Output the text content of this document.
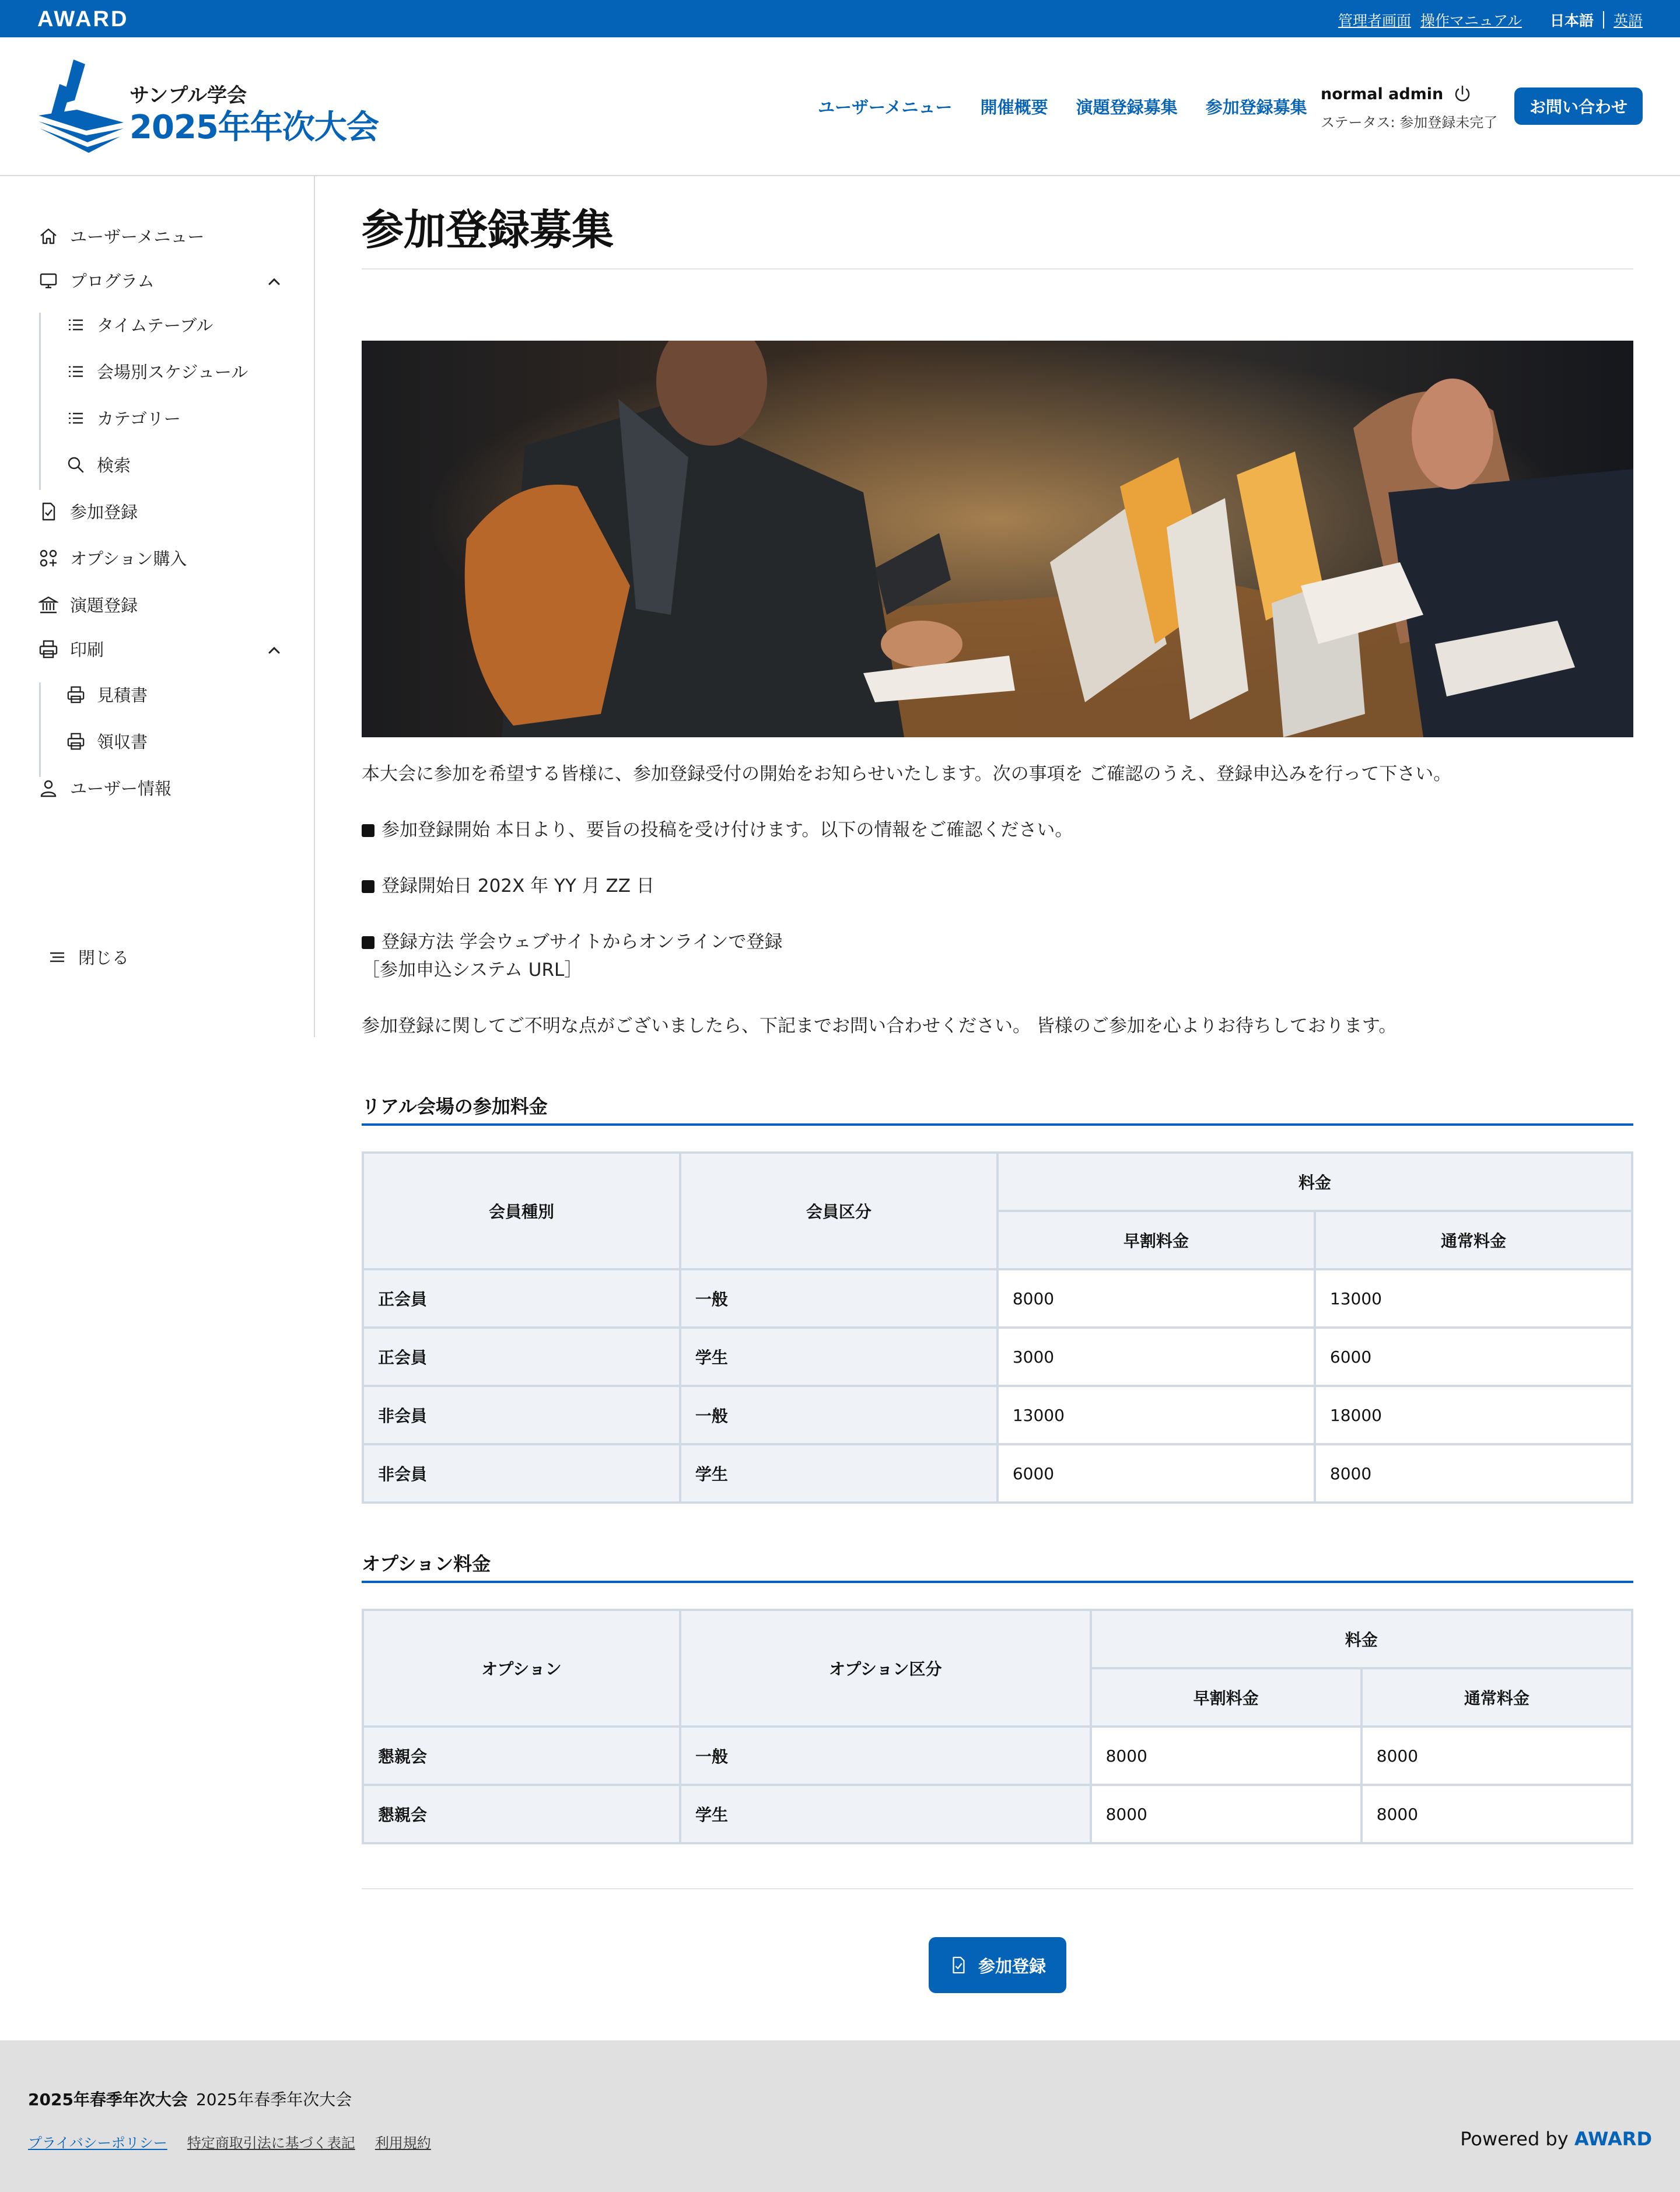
AWARD	管理者画面 操作マニュアル 日本語 英語
サンプル学会
2025年年次大会
ユーザーメニュー 開催概要 演題登録募集 参加登録募集
normal admin
ステータス: 参加登録未完了
お問い合わせ
ユーザーメニュー
プログラム
タイムテーブル
会場別スケジュール
カテゴリー
検索
参加登録
オプション購入
演題登録
印刷
見積書
領収書
ユーザー情報
閉じる
参加登録募集
本大会に参加を希望する皆様に、参加登録受付の開始をお知らせいたします。次の事項を ご確認のうえ、登録申込みを行って下さい。
参加登録開始 本日より、要旨の投稿を受け付けます。以下の情報をご確認ください。
登録開始日 202X 年 YY 月 ZZ 日
登録方法 学会ウェブサイトからオンラインで登録
［参加申込システム URL］
参加登録に関してご不明な点がございましたら、下記までお問い合わせください。 皆様のご参加を心よりお待ちしております。
リアル会場の参加料金
会員種別	会員区分	料金	
		早割料金	通常料金
正会員	一般	8000	13000
正会員	学生	3000	6000
非会員	一般	13000	18000
非会員	学生	6000	8000
オプション料金
オプション	オプション区分	料金	
		早割料金	通常料金
懇親会	一般	8000	8000
懇親会	学生	8000	8000
参加登録
2025年春季年次大会 2025年春季年次大会
プライバシーポリシー 特定商取引法に基づく表記 利用規約	Powered by AWARD
